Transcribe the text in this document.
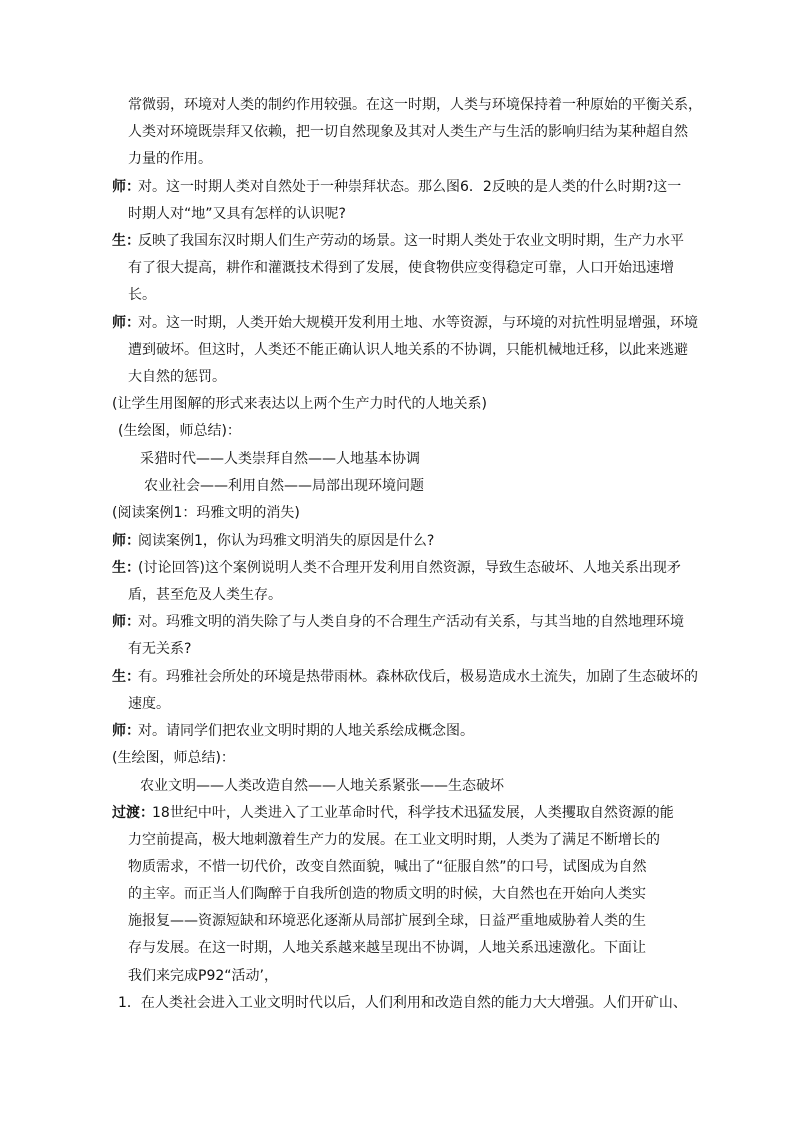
常微弱，环境对人类的制约作用较强。在这一时期，人类与环境保持着一种原始的平衡关系，
人类对环境既崇拜又依赖，把一切自然现象及其对人类生产与生活的影响归结为某种超自然
力量的作用。
师：
对。这一时期人类对自然处于一种崇拜状态。那么图6．2反映的是人类的什么时期?这一
时期人对“地”又具有怎样的认识呢?
生：
反映了我国东汉时期人们生产劳动的场景。这一时期人类处于农业文明时期，生产力水平
有了很大提高，耕作和灌溉技术得到了发展，使食物供应变得稳定可靠，人口开始迅速增
长。
师：
对。这一时期，人类开始大规模开发利用土地、水等资源，与环境的对抗性明显增强，环境
遭到破坏。但这时，人类还不能正确认识人地关系的不协调，只能机械地迁移，以此来逃避
大自然的惩罚。
(让学生用图解的形式来表达以上两个生产力时代的人地关系)
(生绘图，师总结)：
采猎时代——人类崇拜自然——人地基本协调
农业社会——利用自然——局部出现环境问题
(阅读案例1：玛雅文明的消失)
师：
阅读案例1，你认为玛雅文明消失的原因是什么?
生：
(讨论回答)这个案例说明人类不合理开发利用自然资源，导致生态破坏、人地关系出现矛
盾，甚至危及人类生存。
师：
对。玛雅文明的消失除了与人类自身的不合理生产活动有关系，与其当地的自然地理环境
有无关系?
生：
有。玛雅社会所处的环境是热带雨林。森林砍伐后，极易造成水土流失，加剧了生态破坏的
速度。
师：
对。请同学们把农业文明时期的人地关系绘成概念图。
(生绘图，师总结)：
农业文明——人类改造自然——人地关系紧张——生态破坏
过渡：
18世纪中叶，人类进入了工业革命时代，科学技术迅猛发展，人类攫取自然资源的能
力空前提高，极大地刺激着生产力的发展。在工业文明时期，人类为了满足不断增长的
物质需求，不惜一切代价，改变自然面貌，喊出了“征服自然”的口号，试图成为自然
的主宰。而正当人们陶醉于自我所创造的物质文明的时候，大自然也在开始向人类实
施报复——资源短缺和环境恶化逐渐从局部扩展到全球，日益严重地威胁着人类的生
存与发展。在这一时期，人地关系越来越呈现出不协调，人地关系迅速激化。下面让
我们来完成P92“活动’，
1．在人类社会进入工业文明时代以后，人们利用和改造自然的能力大大增强。人们开矿山、
